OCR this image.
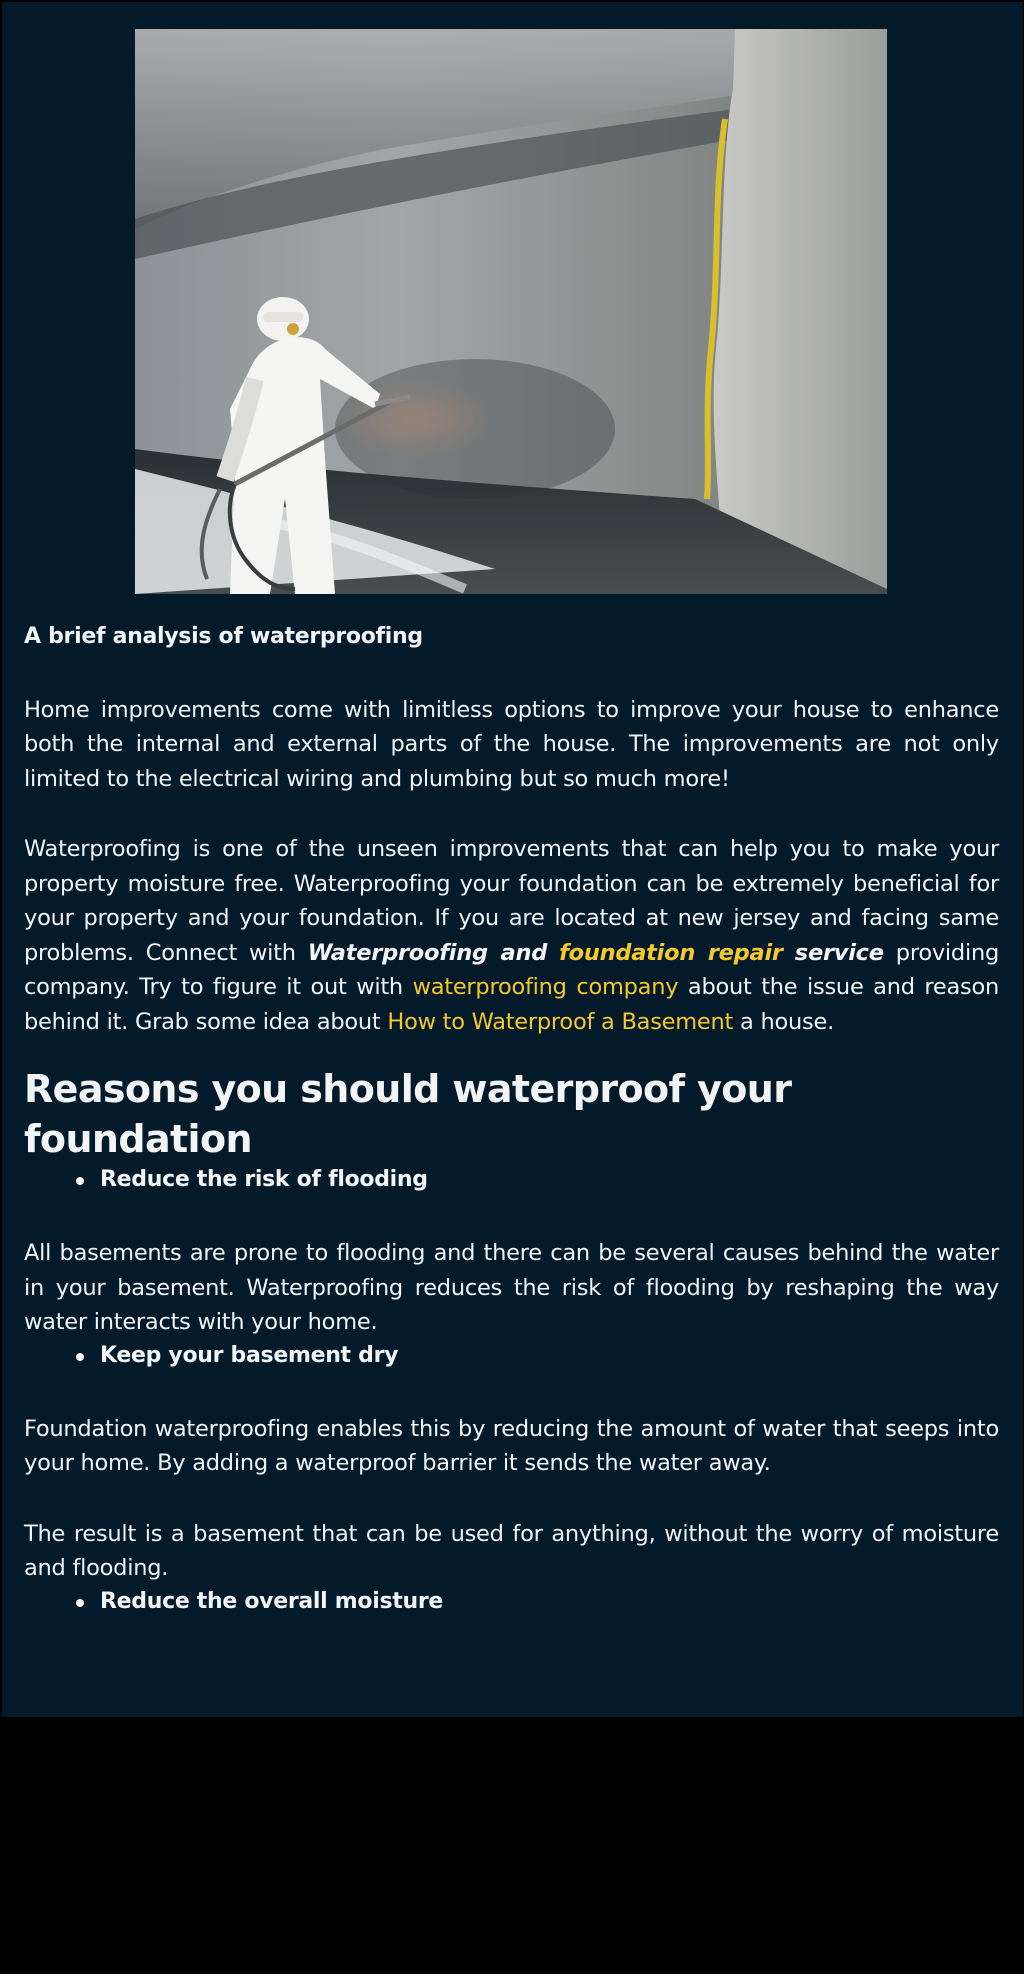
A brief analysis of waterproofing

Home improvements come with limitless options to improve your house to enhance both the internal and external parts of the house. The improvements are not only limited to the electrical wiring and plumbing but so much more!

Waterproofing is one of the unseen improvements that can help you to make your property moisture free. Waterproofing your foundation can be extremely beneficial for your property and your foundation. If you are located at new jersey and facing same problems. Connect with Waterproofing and foundation repair service providing company. Try to figure it out with waterproofing company about the issue and reason behind it. Grab some idea about How to Waterproof a Basement a house.

Reasons you should waterproof your foundation
Reduce the risk of flooding

All basements are prone to flooding and there can be several causes behind the water in your basement. Waterproofing reduces the risk of flooding by reshaping the way water interacts with your home.

Keep your basement dry

Foundation waterproofing enables this by reducing the amount of water that seeps into your home. By adding a waterproof barrier it sends the water away.

The result is a basement that can be used for anything, without the worry of moisture and flooding.

Reduce the overall moisture
